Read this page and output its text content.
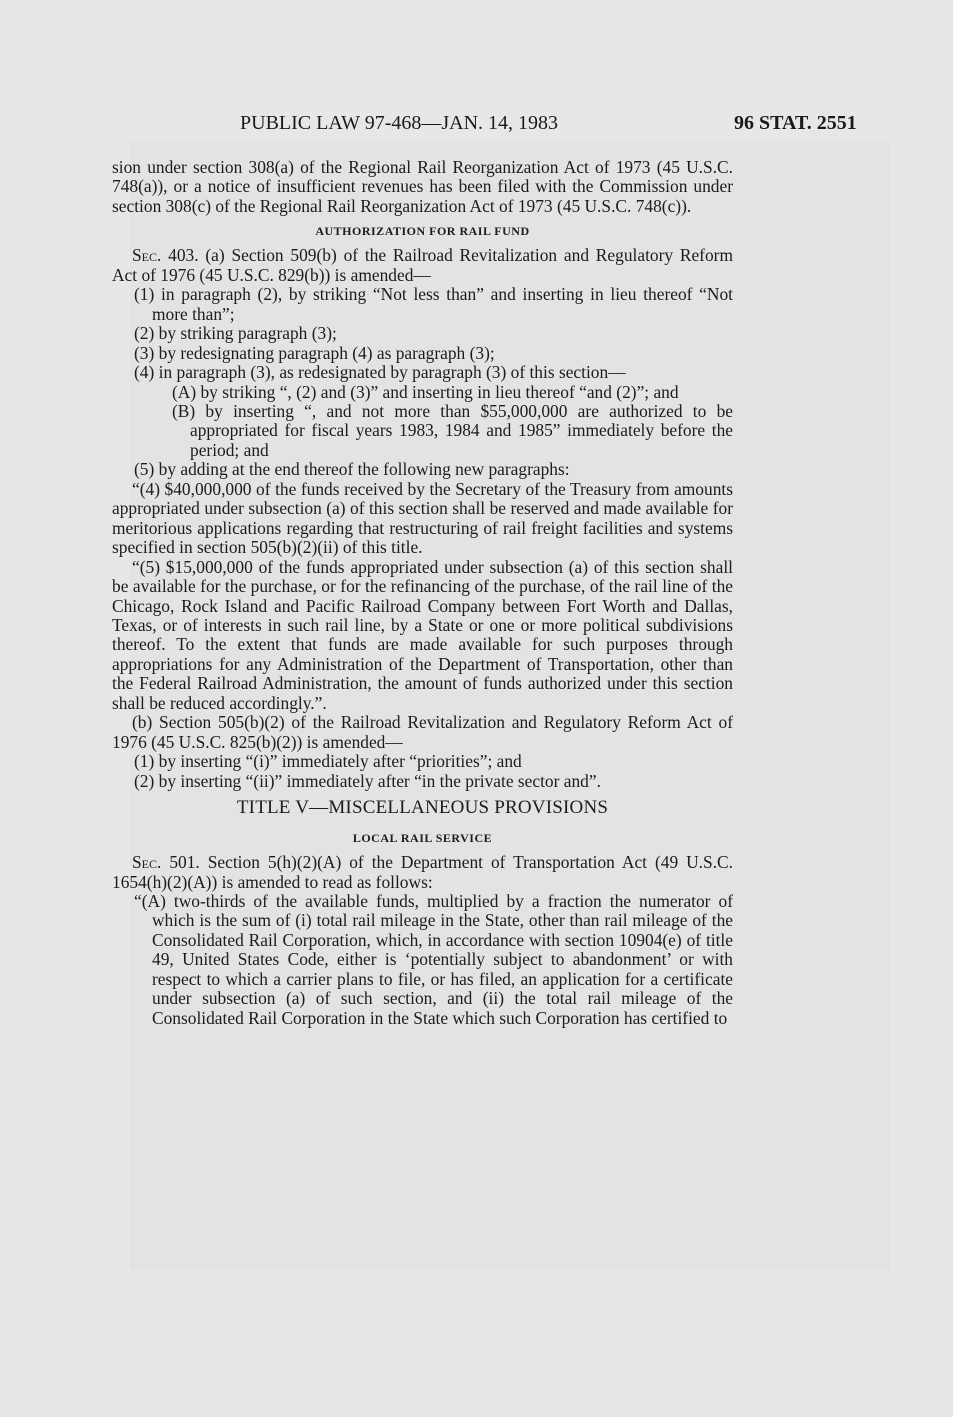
PUBLIC LAW 97-468—JAN. 14, 1983	96 STAT. 2551

sion under section 308(a) of the Regional Rail Reorganization Act of 1973 (45 U.S.C. 748(a)), or a notice of insufficient revenues has been filed with the Commission under section 308(c) of the Regional Rail Reorganization Act of 1973 (45 U.S.C. 748(c)).

AUTHORIZATION FOR RAIL FUND

Sec. 403. (a) Section 509(b) of the Railroad Revitalization and Regulatory Reform Act of 1976 (45 U.S.C. 829(b)) is amended—

(1) in paragraph (2), by striking “Not less than” and inserting in lieu thereof “Not more than”;

(2) by striking paragraph (3);

(3) by redesignating paragraph (4) as paragraph (3);

(4) in paragraph (3), as redesignated by paragraph (3) of this section—

(A) by striking “, (2) and (3)” and inserting in lieu thereof “and (2)”; and

(B) by inserting “, and not more than $55,000,000 are authorized to be appropriated for fiscal years 1983, 1984 and 1985” immediately before the period; and

(5) by adding at the end thereof the following new paragraphs:

“(4) $40,000,000 of the funds received by the Secretary of the Treasury from amounts appropriated under subsection (a) of this section shall be reserved and made available for meritorious applications regarding that restructuring of rail freight facilities and systems specified in section 505(b)(2)(ii) of this title.

“(5) $15,000,000 of the funds appropriated under subsection (a) of this section shall be available for the purchase, or for the refinancing of the purchase, of the rail line of the Chicago, Rock Island and Pacific Railroad Company between Fort Worth and Dallas, Texas, or of interests in such rail line, by a State or one or more political subdivisions thereof. To the extent that funds are made available for such purposes through appropriations for any Administration of the Department of Transportation, other than the Federal Railroad Administration, the amount of funds authorized under this section shall be reduced accordingly.”.

(b) Section 505(b)(2) of the Railroad Revitalization and Regulatory Reform Act of 1976 (45 U.S.C. 825(b)(2)) is amended—

(1) by inserting “(i)” immediately after “priorities”; and

(2) by inserting “(ii)” immediately after “in the private sector and”.

TITLE V—MISCELLANEOUS PROVISIONS

LOCAL RAIL SERVICE

Sec. 501. Section 5(h)(2)(A) of the Department of Transportation Act (49 U.S.C. 1654(h)(2)(A)) is amended to read as follows:

“(A) two-thirds of the available funds, multiplied by a fraction the numerator of which is the sum of (i) total rail mileage in the State, other than rail mileage of the Consolidated Rail Corporation, which, in accordance with section 10904(e) of title 49, United States Code, either is ‘potentially subject to abandonment’ or with respect to which a carrier plans to file, or has filed, an application for a certificate under subsection (a) of such section, and (ii) the total rail mileage of the Consolidated Rail Corporation in the State which such Corporation has certified to
